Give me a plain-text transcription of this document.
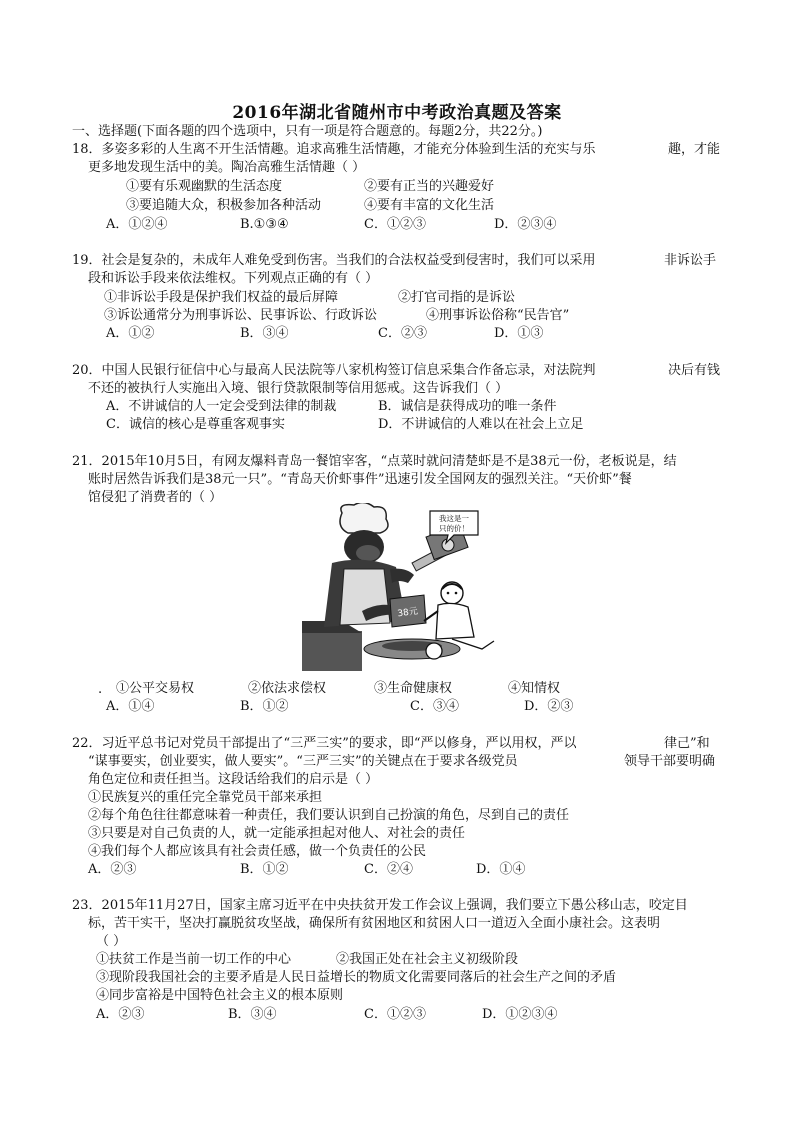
2016年湖北省随州市中考政治真题及答案
一、选择题(下面各题的四个选项中，只有一项是符合题意的。每题2分，共22分。)
18．多姿多彩的人生离不开生活情趣。追求高雅生活情趣，才能充分体验到生活的充实与乐	趣，才能
更多地发现生活中的美。陶冶高雅生活情趣（ ）
①要有乐观幽默的生活态度	②要有正当的兴趣爱好
③要追随大众，积极参加各种活动	④要有丰富的文化生活
A．①②④	B.①③④	C．①②③	D．②③④
19．社会是复杂的，未成年人难免受到伤害。当我们的合法权益受到侵害时，我们可以采用	非诉讼手
段和诉讼手段来依法维权。下列观点正确的有（ ）
①非诉讼手段是保护我们权益的最后屏障	②打官司指的是诉讼
③诉讼通常分为刑事诉讼、民事诉讼、行政诉讼	④刑事诉讼俗称“民告官”
A．①②	B．③④	C．②③	D．①③
20．中国人民银行征信中心与最高人民法院等八家机构签订信息采集合作备忘录，对法院判	决后有钱
不还的被执行人实施出入境、银行贷款限制等信用惩戒。这告诉我们（ ）
A．不讲诚信的人一定会受到法律的制裁	B．诚信是获得成功的唯一条件
C．诚信的核心是尊重客观事实	D．不讲诚信的人难以在社会上立足
21．2015年10月5日，有网友爆料青岛一餐馆宰客，“点菜时就问清楚虾是不是38元一份，老板说是，结
账时居然告诉我们是38元一只”。“青岛天价虾事件”迅速引发全国网友的强烈关注。“天价虾”餐
馆侵犯了消费者的（ ）
我这是一
只的价！
38元
. ①公平交易权	②依法求偿权	③生命健康权	④知情权
A．①④	B．①②	C．③④	D．②③
22．习近平总书记对党员干部提出了“三严三实”的要求，即“严以修身，严以用权，严以	律己”和
“谋事要实，创业要实，做人要实”。“三严三实”的关键点在于要求各级党员	领导干部要明确
角色定位和责任担当。这段话给我们的启示是（ ）
①民族复兴的重任完全靠党员干部来承担
②每个角色往往都意味着一种责任，我们要认识到自己扮演的角色，尽到自己的责任
③只要是对自己负责的人，就一定能承担起对他人、对社会的责任
④我们每个人都应该具有社会责任感，做一个负责任的公民
A．②③	B．①②	C．②④	D．①④
23．2015年11月27日，国家主席习近平在中央扶贫开发工作会议上强调，我们要立下愚公移山志，咬定目
标，苦干实干，坚决打赢脱贫攻坚战，确保所有贫困地区和贫困人口一道迈入全面小康社会。这表明
（ ）
①扶贫工作是当前一切工作的中心	②我国正处在社会主义初级阶段
③现阶段我国社会的主要矛盾是人民日益增长的物质文化需要同落后的社会生产之间的矛盾
④同步富裕是中国特色社会主义的根本原则
A．②③	B．③④	C．①②③	D．①②③④
